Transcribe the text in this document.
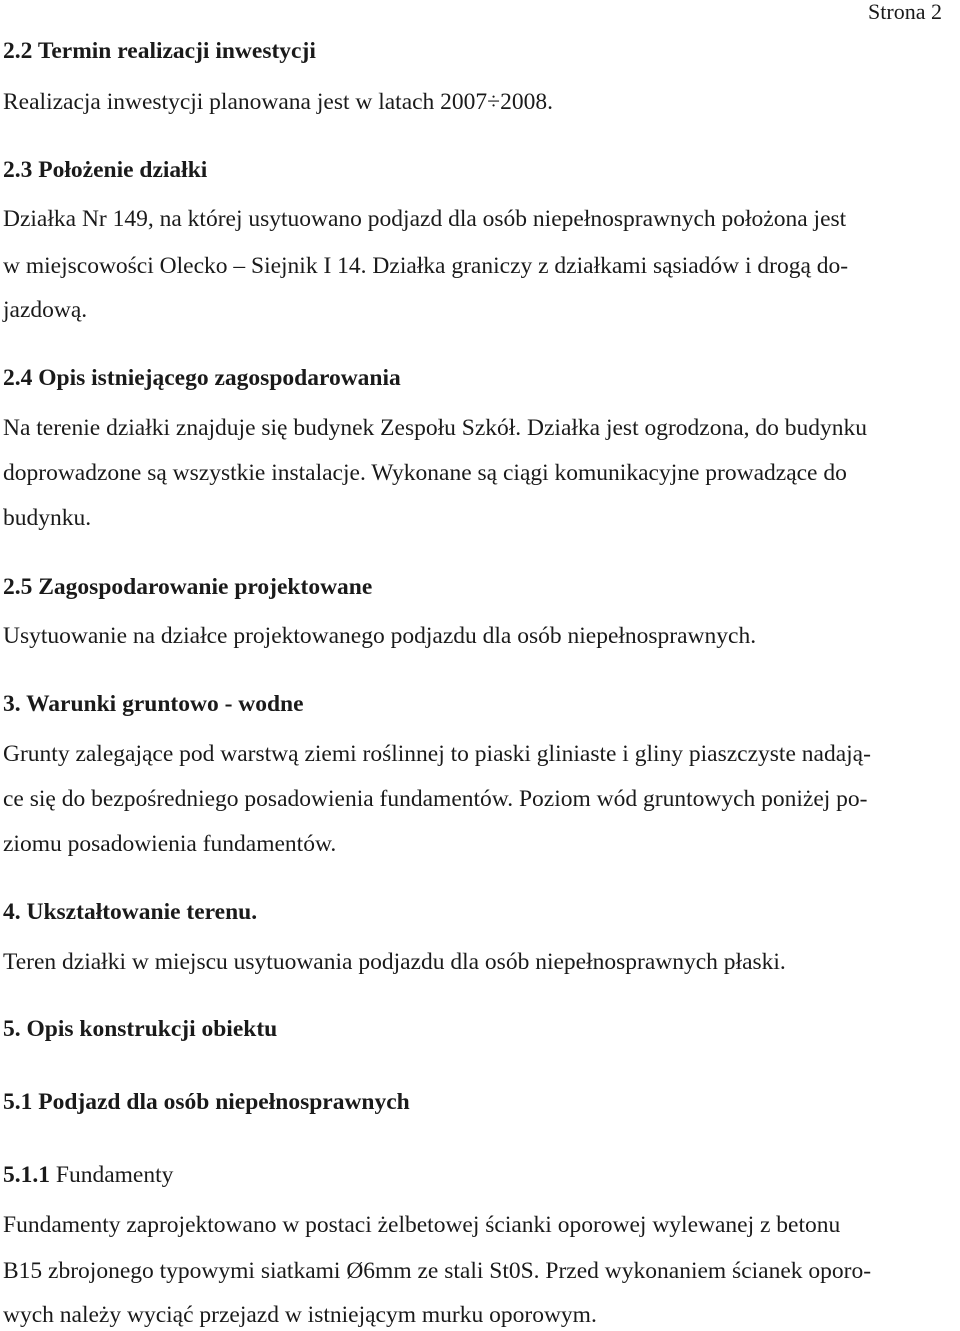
Strona 2
2.2 Termin realizacji inwestycji
Realizacja inwestycji planowana jest w latach 2007÷2008.
2.3 Położenie działki
Działka Nr 149, na której usytuowano podjazd dla osób niepełnosprawnych położona jest
w miejscowości Olecko – Siejnik I 14. Działka graniczy z działkami sąsiadów i drogą do-
jazdową.
2.4 Opis istniejącego zagospodarowania
Na terenie działki znajduje się budynek Zespołu Szkół. Działka jest ogrodzona, do budynku
doprowadzone są wszystkie instalacje. Wykonane są ciągi komunikacyjne prowadzące do
budynku.
2.5 Zagospodarowanie projektowane
Usytuowanie na działce projektowanego podjazdu dla osób niepełnosprawnych.
3. Warunki gruntowo - wodne
Grunty zalegające pod warstwą ziemi roślinnej to piaski gliniaste i gliny piaszczyste nadają-
ce się do bezpośredniego posadowienia fundamentów. Poziom wód gruntowych poniżej po-
ziomu posadowienia fundamentów.
4. Ukształtowanie terenu.
Teren działki w miejscu usytuowania podjazdu dla osób niepełnosprawnych płaski.
5. Opis konstrukcji obiektu
5.1 Podjazd dla osób niepełnosprawnych
5.1.1 Fundamenty
Fundamenty zaprojektowano w postaci żelbetowej ścianki oporowej wylewanej z betonu
B15 zbrojonego typowymi siatkami Ø6mm ze stali St0S. Przed wykonaniem ścianek oporo-
wych należy wyciąć przejazd w istniejącym murku oporowym.
